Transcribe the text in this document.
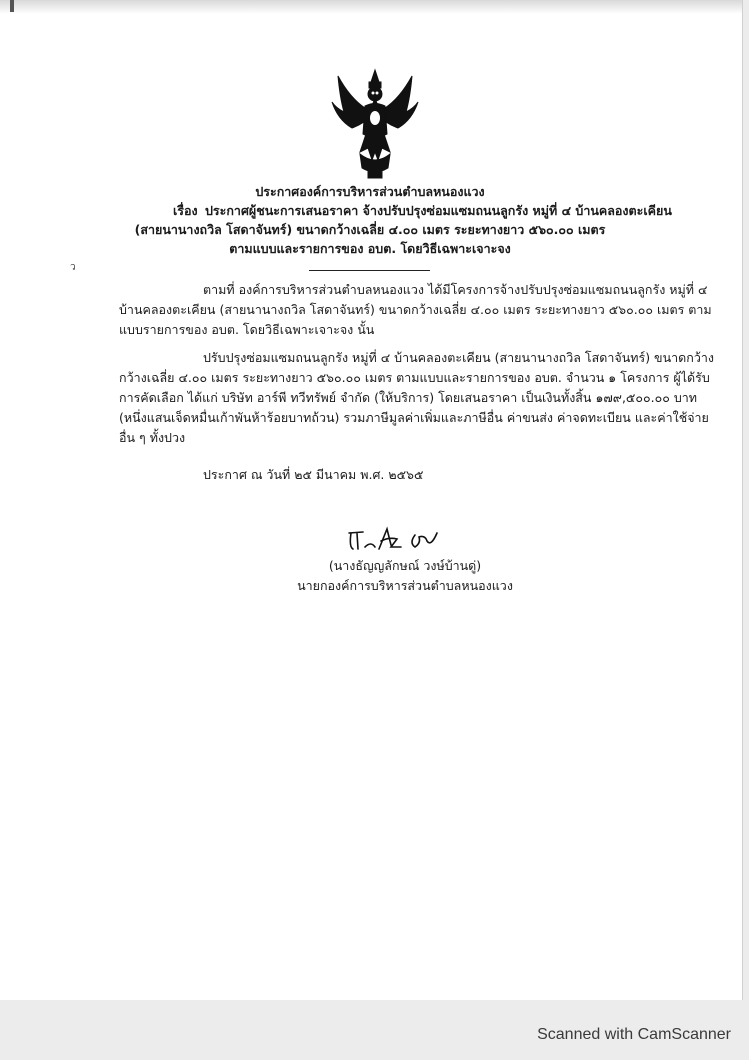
ประกาศองค์การบริหารส่วนตำบลหนองแวง
เรื่อง ประกาศผู้ชนะการเสนอราคา จ้างปรับปรุงซ่อมแซมถนนลูกรัง หมู่ที่ ๔ บ้านคลองตะเคียน
(สายนานางถวิล โสดาจันทร์) ขนาดกว้างเฉลี่ย ๔.๐๐ เมตร ระยะทางยาว ๕๖๐.๐๐ เมตร
ตามแบบและรายการของ อบต. โดยวิธีเฉพาะเจาะจง
ว
ตามที่ องค์การบริหารส่วนตำบลหนองแวง ได้มีโครงการจ้างปรับปรุงซ่อมแซมถนนลูกรัง หมู่ที่ ๔
บ้านคลองตะเคียน (สายนานางถวิล โสดาจันทร์) ขนาดกว้างเฉลี่ย ๔.๐๐ เมตร ระยะทางยาว ๕๖๐.๐๐ เมตร ตาม
แบบรายการของ อบต. โดยวิธีเฉพาะเจาะจง นั้น
ปรับปรุงซ่อมแซมถนนลูกรัง หมู่ที่ ๔ บ้านคลองตะเคียน (สายนานางถวิล โสดาจันทร์) ขนาดกว้าง
กว้างเฉลี่ย ๔.๐๐ เมตร ระยะทางยาว ๕๖๐.๐๐ เมตร ตามแบบและรายการของ อบต. จำนวน ๑ โครงการ ผู้ได้รับ
การคัดเลือก ได้แก่ บริษัท อาร์พี ทวีทรัพย์ จำกัด (ให้บริการ) โดยเสนอราคา เป็นเงินทั้งสิ้น ๑๗๙,๕๐๐.๐๐ บาท
(หนึ่งแสนเจ็ดหมื่นเก้าพันห้าร้อยบาทถ้วน) รวมภาษีมูลค่าเพิ่มและภาษีอื่น ค่าขนส่ง ค่าจดทะเบียน และค่าใช้จ่าย
อื่น ๆ ทั้งปวง
ประกาศ ณ วันที่ ๒๕ มีนาคม พ.ศ. ๒๕๖๕
(นางธัญญลักษณ์ วงษ์บ้านดู่)
นายกองค์การบริหารส่วนตำบลหนองแวง
Scanned with CamScanner
